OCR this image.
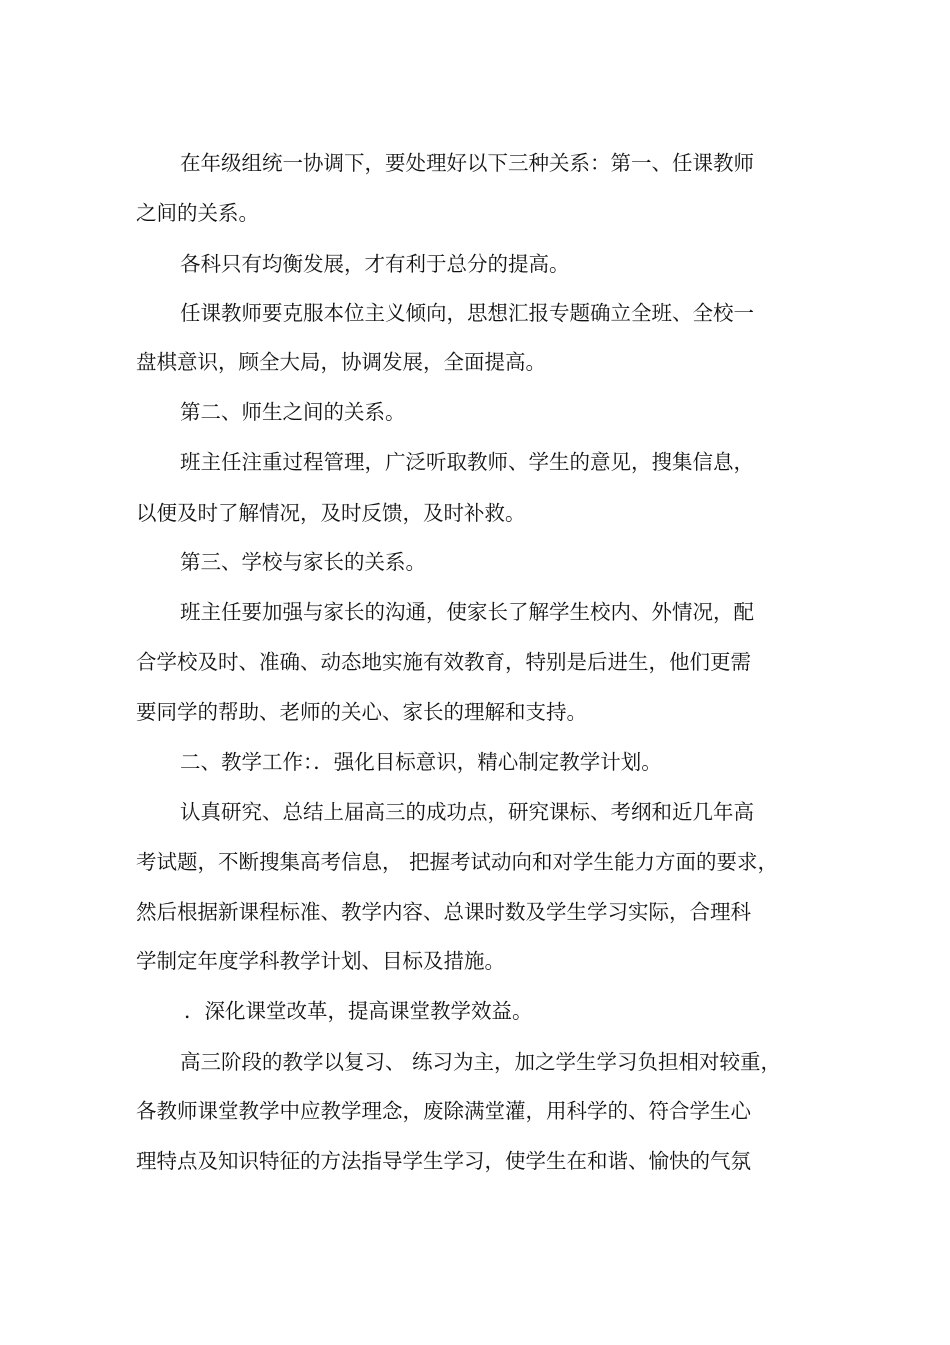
在年级组统一协调下，要处理好以下三种关系：第一、任课教师
之间的关系。
各科只有均衡发展，才有利于总分的提高。
任课教师要克服本位主义倾向，思想汇报专题确立全班、全校一
盘棋意识，顾全大局，协调发展，全面提高。
第二、师生之间的关系。
班主任注重过程管理，广泛听取教师、学生的意见，搜集信息，
以便及时了解情况，及时反馈，及时补救。
第三、学校与家长的关系。
班主任要加强与家长的沟通，使家长了解学生校内、外情况，配
合学校及时、准确、动态地实施有效教育，特别是后进生，他们更需
要同学的帮助、老师的关心、家长的理解和支持。
二、教学工作：．强化目标意识，精心制定教学计划。
认真研究、总结上届高三的成功点，研究课标、考纲和近几年高
考试题，不断搜集高考信息， 把握考试动向和对学生能力方面的要求，
然后根据新课程标准、教学内容、总课时数及学生学习实际，合理科
学制定年度学科教学计划、目标及措施。
．深化课堂改革，提高课堂教学效益。
高三阶段的教学以复习、 练习为主，加之学生学习负担相对较重，
各教师课堂教学中应教学理念，废除满堂灌，用科学的、符合学生心
理特点及知识特征的方法指导学生学习，使学生在和谐、愉快的气氛
